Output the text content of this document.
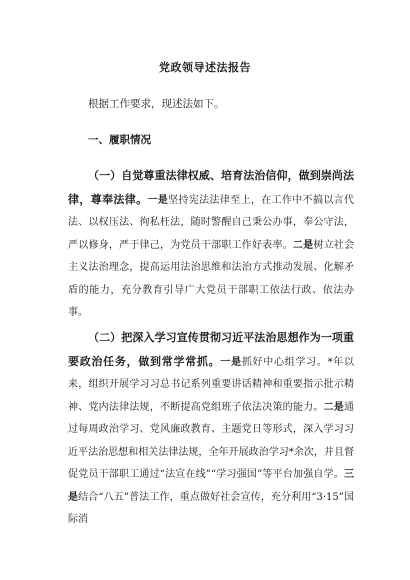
党政领导述法报告
根据工作要求，现述法如下。
一、履职情况

（一）自觉尊重法律权威、培育法治信仰，做到崇尚法律，尊奉法律。一是坚持宪法法律至上，在工作中不搞以言代法、以权压法、徇私枉法，随时警醒自己秉公办事，奉公守法，严以修身，严于律己，为党员干部职工作好表率。二是树立社会主义法治理念，提高运用法治思维和法治方式推动发展、化解矛盾的能力，充分教育引导广大党员干部职工依法行政、依法办事。

（二）把深入学习宣传贯彻习近平法治思想作为一项重要政治任务，做到常学常抓。一是抓好中心组学习。*年以来，组织开展学习习总书记系列重要讲话精神和重要指示批示精神、党内法律法规，不断提高党组班子依法决策的能力。二是通过每周政治学习、党风廉政教育、主题党日等形式，深入学习习近平法治思想和相关法律法规，全年开展政治学习*余次，并且督促党员干部职工通过“法宣在线”“学习强国”等平台加强自学。三是结合“八五”普法工作，重点做好社会宣传，充分利用“3·15”国际消
